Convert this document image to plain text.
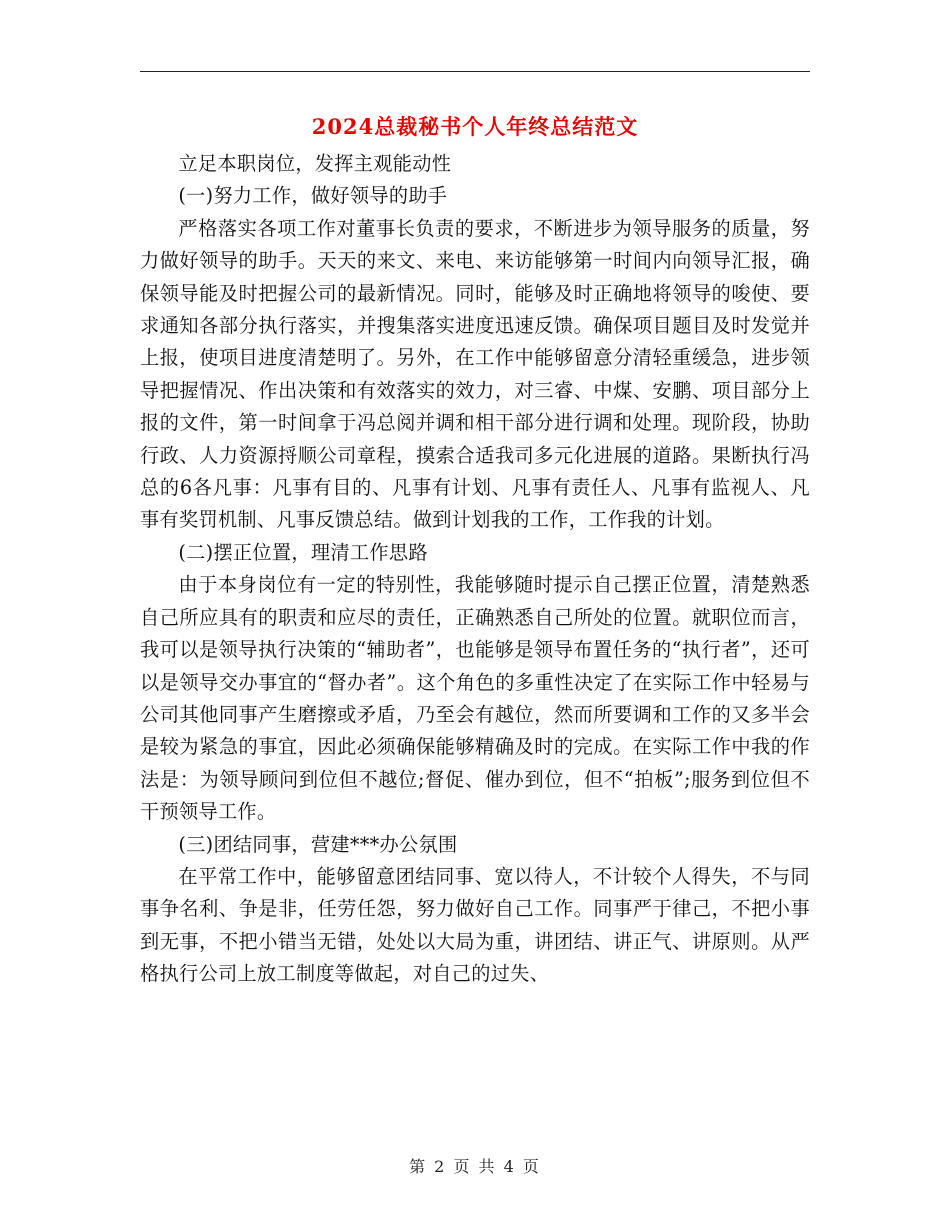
2024总裁秘书个人年终总结范文

立足本职岗位，发挥主观能动性

(一)努力工作，做好领导的助手

严格落实各项工作对董事长负责的要求，不断进步为领导服务的质量，努力做好领导的助手。天天的来文、来电、来访能够第一时间内向领导汇报，确保领导能及时把握公司的最新情况。同时，能够及时正确地将领导的唆使、要求通知各部分执行落实，并搜集落实进度迅速反馈。确保项目题目及时发觉并上报，使项目进度清楚明了。另外，在工作中能够留意分清轻重缓急，进步领导把握情况、作出决策和有效落实的效力，对三睿、中煤、安鹏、项目部分上报的文件，第一时间拿于冯总阅并调和相干部分进行调和处理。现阶段，协助行政、人力资源捋顺公司章程，摸索合适我司多元化进展的道路。果断执行冯总的6各凡事：凡事有目的、凡事有计划、凡事有责任人、凡事有监视人、凡事有奖罚机制、凡事反馈总结。做到计划我的工作，工作我的计划。

(二)摆正位置，理清工作思路

由于本身岗位有一定的特别性，我能够随时提示自己摆正位置，清楚熟悉自己所应具有的职责和应尽的责任，正确熟悉自己所处的位置。就职位而言，我可以是领导执行决策的“辅助者”，也能够是领导布置任务的“执行者”，还可以是领导交办事宜的“督办者”。这个角色的多重性决定了在实际工作中轻易与公司其他同事产生磨擦或矛盾，乃至会有越位，然而所要调和工作的又多半会是较为紧急的事宜，因此必须确保能够精确及时的完成。在实际工作中我的作法是：为领导顾问到位但不越位;督促、催办到位，但不“拍板”;服务到位但不干预领导工作。

(三)团结同事，营建***办公氛围

在平常工作中，能够留意团结同事、宽以待人，不计较个人得失，不与同事争名利、争是非，任劳任怨，努力做好自己工作。同事严于律己，不把小事到无事，不把小错当无错，处处以大局为重，讲团结、讲正气、讲原则。从严格执行公司上放工制度等做起，对自己的过失、

第 2 页 共 4 页
